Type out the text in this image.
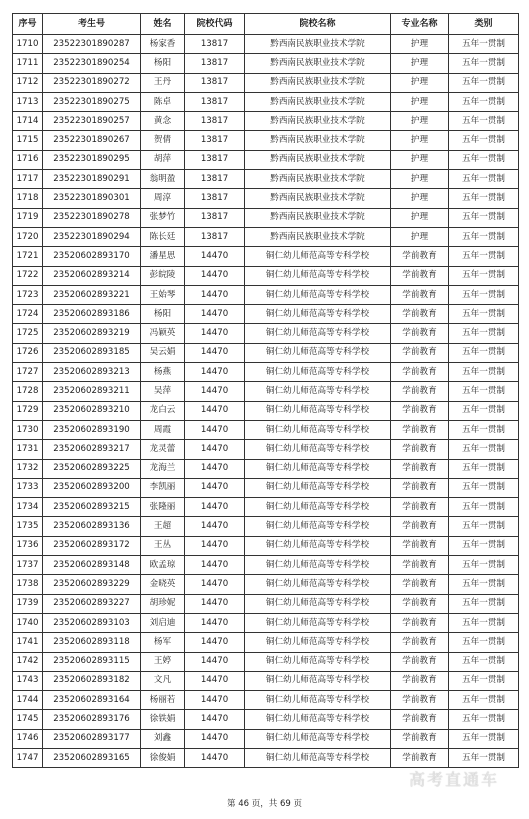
序号	考生号	姓名	院校代码	院校名称	专业名称	类别
1710	23522301890287	杨家香	13817	黔西南民族职业技术学院	护理	五年一贯制
1711	23522301890254	杨阳	13817	黔西南民族职业技术学院	护理	五年一贯制
1712	23522301890272	王丹	13817	黔西南民族职业技术学院	护理	五年一贯制
1713	23522301890275	陈卓	13817	黔西南民族职业技术学院	护理	五年一贯制
1714	23522301890257	黄念	13817	黔西南民族职业技术学院	护理	五年一贯制
1715	23522301890267	贺倩	13817	黔西南民族职业技术学院	护理	五年一贯制
1716	23522301890295	胡萍	13817	黔西南民族职业技术学院	护理	五年一贯制
1717	23522301890291	翁明盈	13817	黔西南民族职业技术学院	护理	五年一贯制
1718	23522301890301	周淳	13817	黔西南民族职业技术学院	护理	五年一贯制
1719	23522301890278	张梦竹	13817	黔西南民族职业技术学院	护理	五年一贯制
1720	23522301890294	陈长廷	13817	黔西南民族职业技术学院	护理	五年一贯制
1721	23520602893170	潘星思	14470	铜仁幼儿师范高等专科学校	学前教育	五年一贯制
1722	23520602893214	彭皖陵	14470	铜仁幼儿师范高等专科学校	学前教育	五年一贯制
1723	23520602893221	王始琴	14470	铜仁幼儿师范高等专科学校	学前教育	五年一贯制
1724	23520602893186	杨阳	14470	铜仁幼儿师范高等专科学校	学前教育	五年一贯制
1725	23520602893219	冯颖英	14470	铜仁幼儿师范高等专科学校	学前教育	五年一贯制
1726	23520602893185	吴云娟	14470	铜仁幼儿师范高等专科学校	学前教育	五年一贯制
1727	23520602893213	杨燕	14470	铜仁幼儿师范高等专科学校	学前教育	五年一贯制
1728	23520602893211	吴萍	14470	铜仁幼儿师范高等专科学校	学前教育	五年一贯制
1729	23520602893210	龙白云	14470	铜仁幼儿师范高等专科学校	学前教育	五年一贯制
1730	23520602893190	周霞	14470	铜仁幼儿师范高等专科学校	学前教育	五年一贯制
1731	23520602893217	龙灵蕾	14470	铜仁幼儿师范高等专科学校	学前教育	五年一贯制
1732	23520602893225	龙海兰	14470	铜仁幼儿师范高等专科学校	学前教育	五年一贯制
1733	23520602893200	李凯丽	14470	铜仁幼儿师范高等专科学校	学前教育	五年一贯制
1734	23520602893215	张隆丽	14470	铜仁幼儿师范高等专科学校	学前教育	五年一贯制
1735	23520602893136	王超	14470	铜仁幼儿师范高等专科学校	学前教育	五年一贯制
1736	23520602893172	王丛	14470	铜仁幼儿师范高等专科学校	学前教育	五年一贯制
1737	23520602893148	欧孟琼	14470	铜仁幼儿师范高等专科学校	学前教育	五年一贯制
1738	23520602893229	金晓英	14470	铜仁幼儿师范高等专科学校	学前教育	五年一贯制
1739	23520602893227	胡珍妮	14470	铜仁幼儿师范高等专科学校	学前教育	五年一贯制
1740	23520602893103	刘启迪	14470	铜仁幼儿师范高等专科学校	学前教育	五年一贯制
1741	23520602893118	杨军	14470	铜仁幼儿师范高等专科学校	学前教育	五年一贯制
1742	23520602893115	王婷	14470	铜仁幼儿师范高等专科学校	学前教育	五年一贯制
1743	23520602893182	文凡	14470	铜仁幼儿师范高等专科学校	学前教育	五年一贯制
1744	23520602893164	杨丽若	14470	铜仁幼儿师范高等专科学校	学前教育	五年一贯制
1745	23520602893176	徐铁娟	14470	铜仁幼儿师范高等专科学校	学前教育	五年一贯制
1746	23520602893177	刘鑫	14470	铜仁幼儿师范高等专科学校	学前教育	五年一贯制
1747	23520602893165	徐俊娟	14470	铜仁幼儿师范高等专科学校	学前教育	五年一贯制
高考直通车
第 46 页，共 69 页
